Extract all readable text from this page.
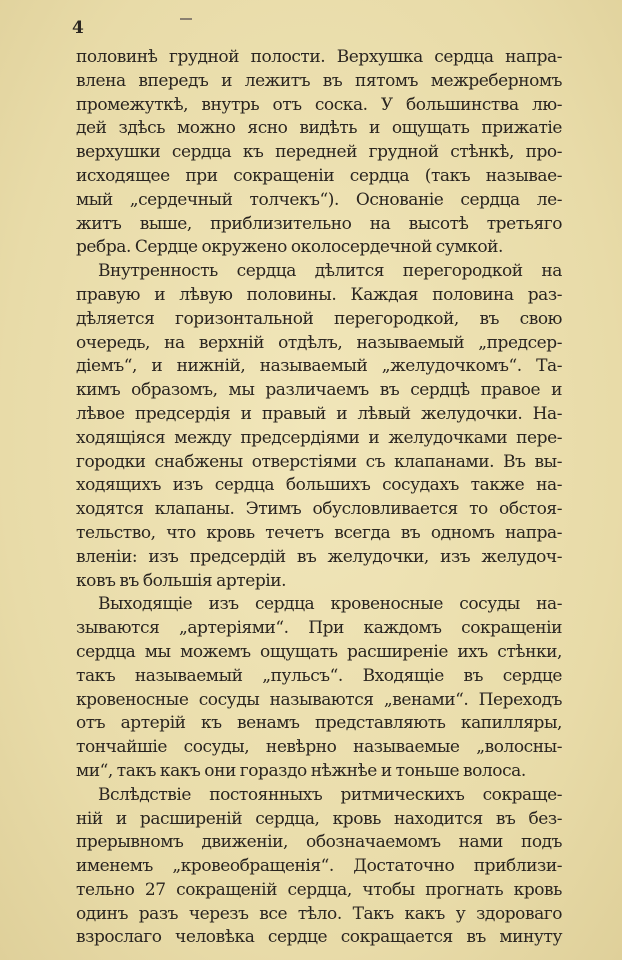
4
половинѣ грудной полости. Верхушка сердца напра-
влена впередъ и лежитъ въ пятомъ межреберномъ
промежуткѣ, внутрь отъ соска. У большинства лю-
дей здѣсь можно ясно видѣть и ощущать прижатіе
верхушки сердца къ передней грудной стѣнкѣ, про-
исходящее при сокращеніи сердца (такъ называе-
мый „сердечный толчекъ“). Основаніе сердца ле-
житъ выше, приблизительно на высотѣ третьяго
ребра. Сердце окружено околосердечной сумкой.
Внутренность сердца дѣлится перегородкой на
правую и лѣвую половины. Каждая половина раз-
дѣляется горизонтальной перегородкой, въ свою
очередь, на верхній отдѣлъ, называемый „предсер-
діемъ“, и нижній, называемый „желудочкомъ“. Та-
кимъ образомъ, мы различаемъ въ сердцѣ правое и
лѣвое предсердія и правый и лѣвый желудочки. На-
ходящіяся между предсердіями и желудочками пере-
городки снабжены отверстіями съ клапанами. Въ вы-
ходящихъ изъ сердца большихъ сосудахъ также на-
ходятся клапаны. Этимъ обусловливается то обстоя-
тельство, что кровь течетъ всегда въ одномъ напра-
вленіи: изъ предсердій въ желудочки, изъ желудоч-
ковъ въ большія артеріи.
Выходящіе изъ сердца кровеносные сосуды на-
зываются „артеріями“. При каждомъ сокращеніи
сердца мы можемъ ощущать расширеніе ихъ стѣнки,
такъ называемый „пульсъ“. Входящіе въ сердце
кровеносные сосуды называются „венами“. Переходъ
отъ артерій къ венамъ представляють капилляры,
тончайшіе сосуды, невѣрно называемые „волосны-
ми“, такъ какъ они гораздо нѣжнѣе и тоньше волоса.
Вслѣдствіе постоянныхъ ритмическихъ сокраще-
ній и расширеній сердца, кровь находится въ без-
прерывномъ движеніи, обозначаемомъ нами подъ
именемъ „кровеобращенія“. Достаточно приблизи-
тельно 27 сокращеній сердца, чтобы прогнать кровь
одинъ разъ черезъ все тѣло. Такъ какъ у здороваго
взрослаго человѣка сердце сокращается въ минуту
